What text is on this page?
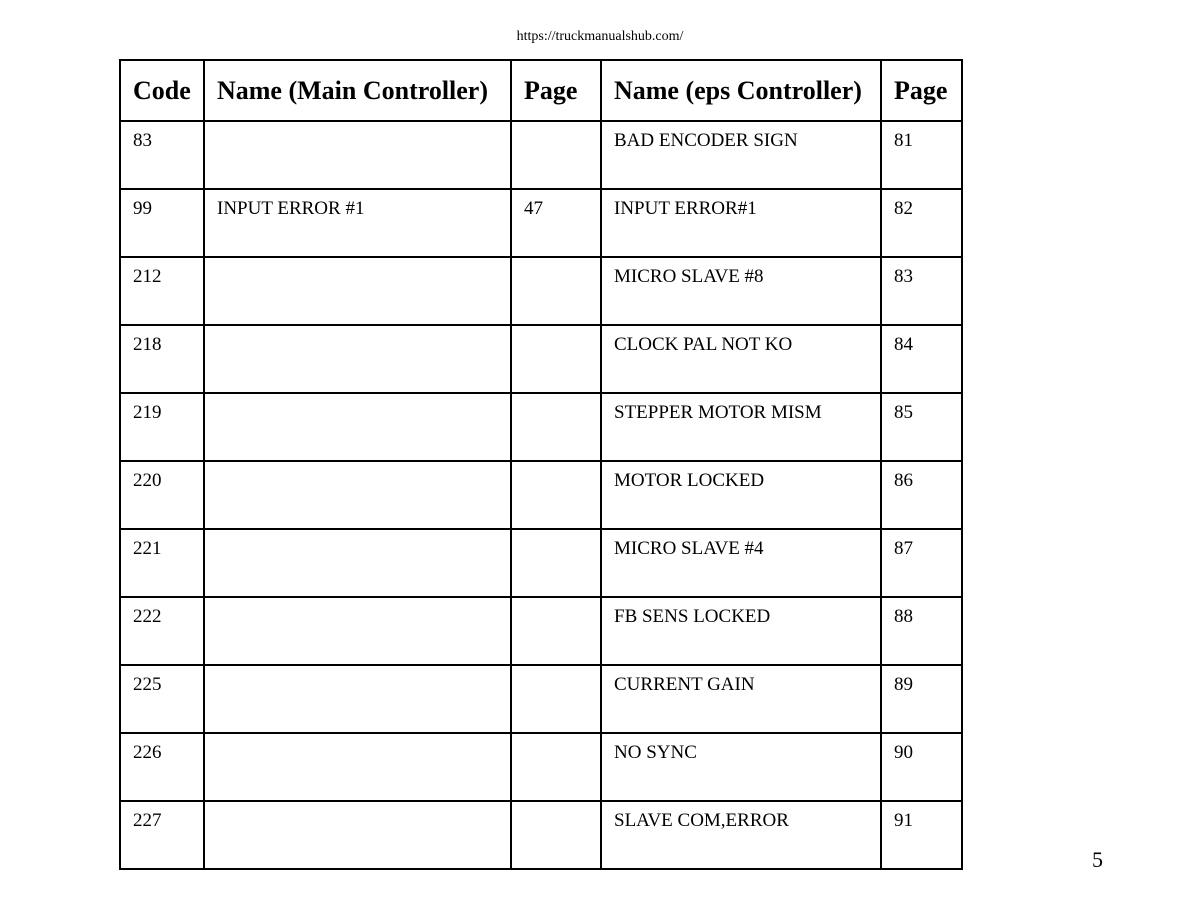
https://truckmanualshub.com/
Code	Name (Main Controller)	Page	Name (eps Controller)	Page
83			BAD ENCODER SIGN	81
99	INPUT ERROR #1	47	INPUT ERROR#1	82
212			MICRO SLAVE #8	83
218			CLOCK PAL NOT KO	84
219			STEPPER MOTOR MISM	85
220			MOTOR LOCKED	86
221			MICRO SLAVE #4	87
222			FB SENS LOCKED	88
225			CURRENT GAIN	89
226			NO SYNC	90
227			SLAVE COM,ERROR	91
5
